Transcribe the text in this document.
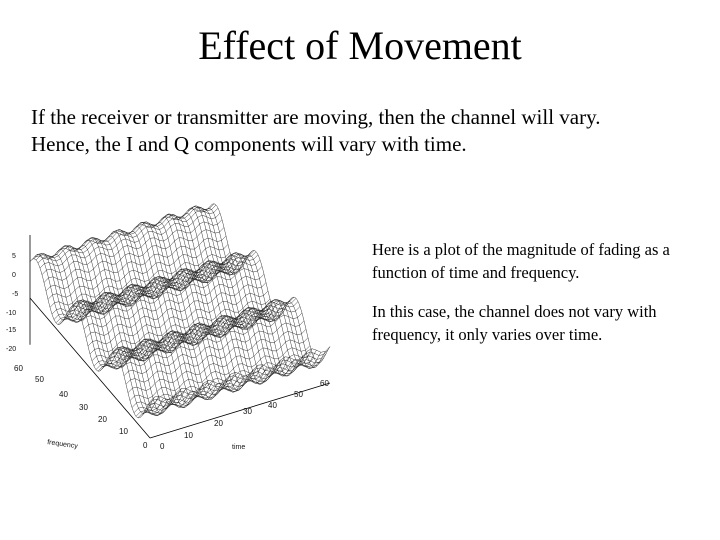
Effect of Movement
If the receiver or transmitter are moving, then the channel will vary.
Hence, the I and Q components will vary with time.
5
0
-5
-10
-15
-20
60
50
40
30
20
10
0 0
10
20
30
40
50
60
frequency	time

Here is a plot of the magnitude of fading as a function of time and frequency.

In this case, the channel does not vary with frequency, it only varies over time.
